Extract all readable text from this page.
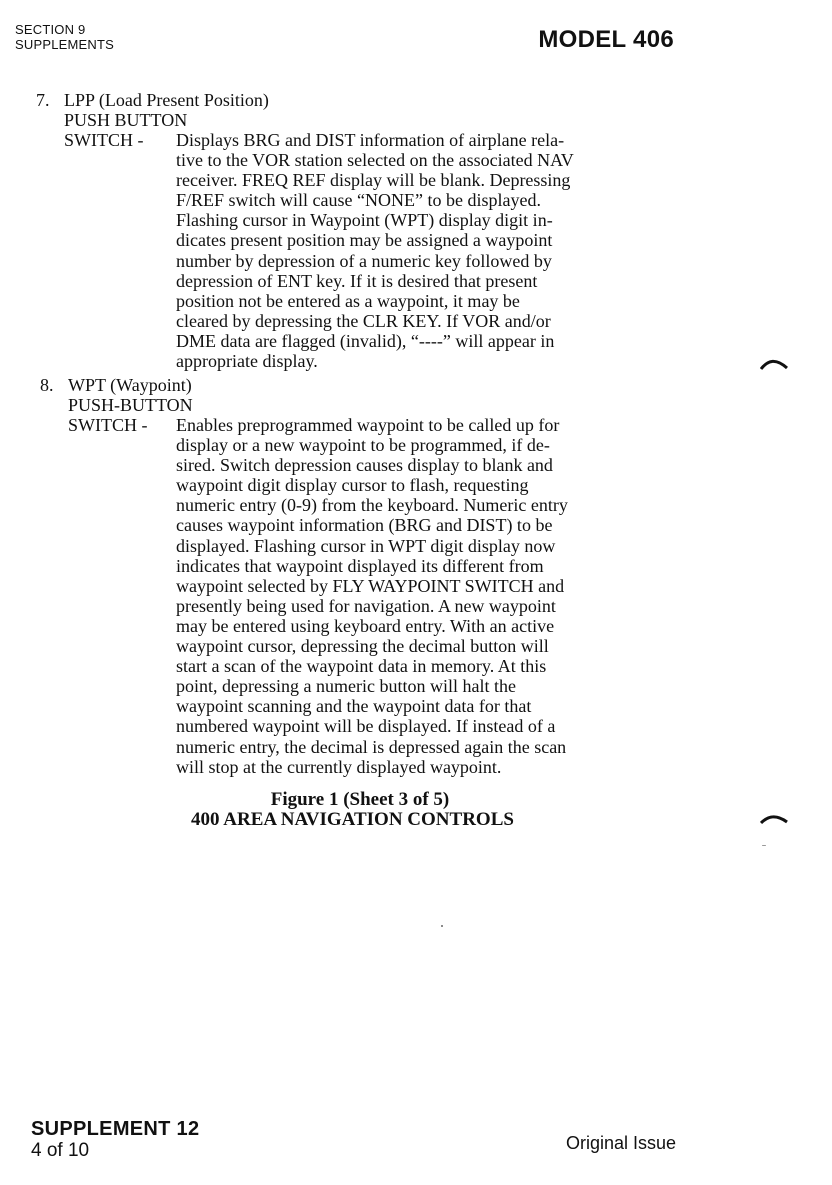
SECTION 9
SUPPLEMENTS	MODEL 406
7. LPP (Load Present Position)
PUSH BUTTON
SWITCH - Displays BRG and DIST information of airplane rela-
tive to the VOR station selected on the associated NAV
receiver. FREQ REF display will be blank. Depressing
F/REF switch will cause “NONE” to be displayed.
Flashing cursor in Waypoint (WPT) display digit in-
dicates present position may be assigned a waypoint
number by depression of a numeric key followed by
depression of ENT key. If it is desired that present
position not be entered as a waypoint, it may be
cleared by depressing the CLR KEY. If VOR and/or
DME data are flagged (invalid), “----” will appear in
appropriate display.
8. WPT (Waypoint)
PUSH-BUTTON
SWITCH - Enables preprogrammed waypoint to be called up for
display or a new waypoint to be programmed, if de-
sired. Switch depression causes display to blank and
waypoint digit display cursor to flash, requesting
numeric entry (0-9) from the keyboard. Numeric entry
causes waypoint information (BRG and DIST) to be
displayed. Flashing cursor in WPT digit display now
indicates that waypoint displayed its different from
waypoint selected by FLY WAYPOINT SWITCH and
presently being used for navigation. A new waypoint
may be entered using keyboard entry. With an active
waypoint cursor, depressing the decimal button will
start a scan of the waypoint data in memory. At this
point, depressing a numeric button will halt the
waypoint scanning and the waypoint data for that
numbered waypoint will be displayed. If instead of a
numeric entry, the decimal is depressed again the scan
will stop at the currently displayed waypoint.
Figure 1 (Sheet 3 of 5)
400 AREA NAVIGATION CONTROLS
SUPPLEMENT 12
4 of 10	Original Issue
